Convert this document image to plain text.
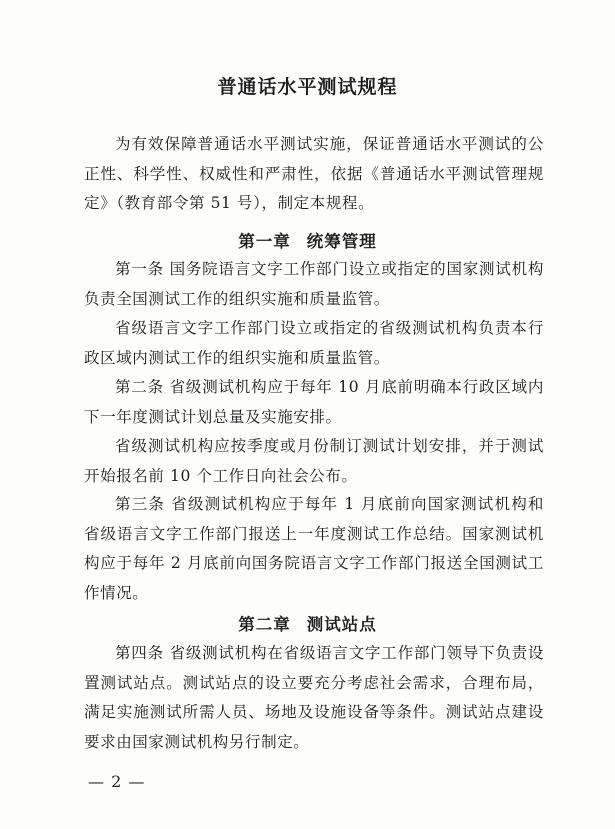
普通话水平测试规程

为有效保障普通话水平测试实施，保证普通话水平测试的公正性、科学性、权威性和严肃性，依据《普通话水平测试管理规定》（教育部令第 51 号），制定本规程。

第一章 统筹管理

第一条 国务院语言文字工作部门设立或指定的国家测试机构负责全国测试工作的组织实施和质量监管。

省级语言文字工作部门设立或指定的省级测试机构负责本行政区域内测试工作的组织实施和质量监管。

第二条 省级测试机构应于每年 10 月底前明确本行政区域内下一年度测试计划总量及实施安排。

省级测试机构应按季度或月份制订测试计划安排，并于测试开始报名前 10 个工作日向社会公布。

第三条 省级测试机构应于每年 1 月底前向国家测试机构和省级语言文字工作部门报送上一年度测试工作总结。国家测试机构应于每年 2 月底前向国务院语言文字工作部门报送全国测试工作情况。

第二章 测试站点

第四条 省级测试机构在省级语言文字工作部门领导下负责设置测试站点。测试站点的设立要充分考虑社会需求，合理布局，满足实施测试所需人员、场地及设施设备等条件。测试站点建设要求由国家测试机构另行制定。

— 2 —
